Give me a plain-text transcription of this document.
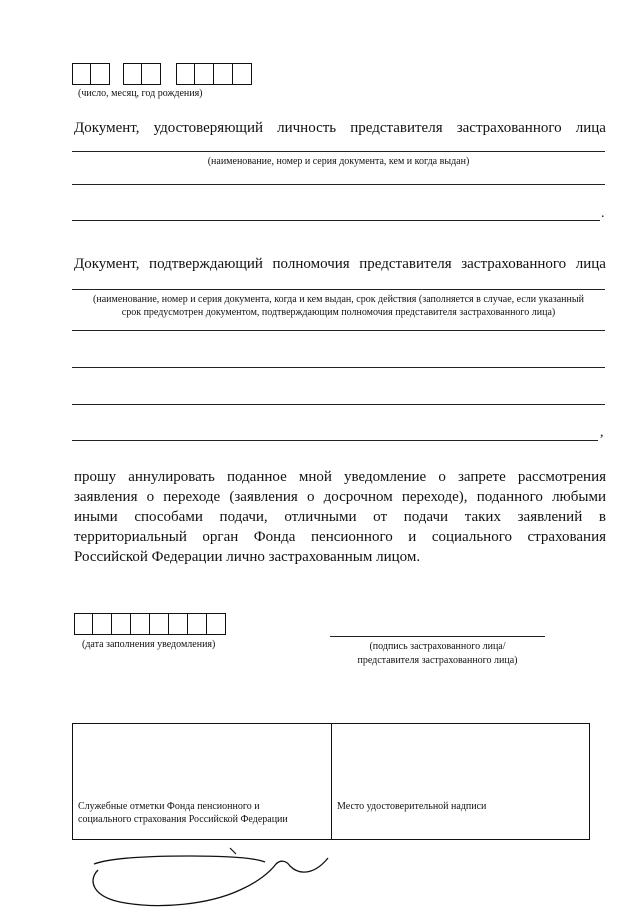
(число, месяц, год рождения)
Документ, удостоверяющий личность представителя застрахованного лица
(наименование, номер и серия документа, кем и когда выдан)
.
Документ, подтверждающий полномочия представителя застрахованного лица
(наименование, номер и серия документа, когда и кем выдан, срок действия (заполняется в случае, если указанный
срок предусмотрен документом, подтверждающим полномочия представителя застрахованного лица)
,
прошу аннулировать поданное мной уведомление о запрете рассмотрения заявления о переходе (заявления о досрочном переходе), поданного любыми иными способами подачи, отличными от подачи таких заявлений в территориальный орган Фонда пенсионного и социального страхования Российской Федерации лично застрахованным лицом.
(дата заполнения уведомления)	(подпись застрахованного лица/
представителя застрахованного лица)
Служебные отметки Фонда пенсионного и
социального страхования Российской Федерации
Место удостоверительной надписи
